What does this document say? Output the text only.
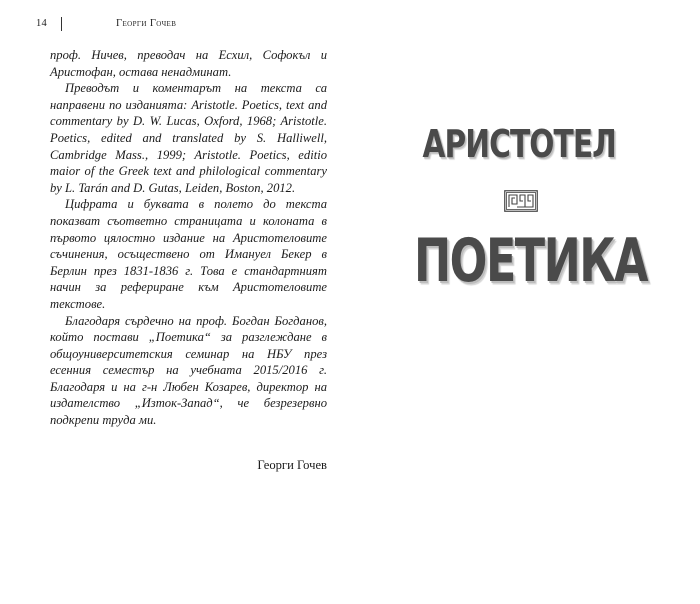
14	Георги Гочев

проф. Ничев, преводач на Есхил, Софокъл и Аристофан, остава ненадминат.

Преводът и коментарът на текста са направени по изданията: Aristotle. Poetics, text and commentary by D. W. Lucas, Oxford, 1968; Aristotle. Poetics, edited and translated by S. Halliwell, Cambridge Mass., 1999; Aristotle. Poetics, editio maior of the Greek text and philological commentary by L. Tarán and D. Gutas, Leiden, Boston, 2012.

Цифрата и буквата в полето до текста показват съответно страницата и колоната в първото цялостно издание на Аристотеловите съчинения, осъществено от Имануел Бекер в Берлин през 1831-1836 г. Това е стандартният начин за рефериране към Аристотеловите текстове.

Благодаря сърдечно на проф. Богдан Богданов, който постави „Поетика“ за разглеждане в общоуниверситетския семинар на НБУ през есенния семестър на учебната 2015/2016 г. Благодаря и на г-н Любен Козарев, директор на издателство „Изток-Запад“, че безрезервно подкрепи труда ми.

Георги Гочев
АРИСТОТЕЛ
ПОЕТИКА
